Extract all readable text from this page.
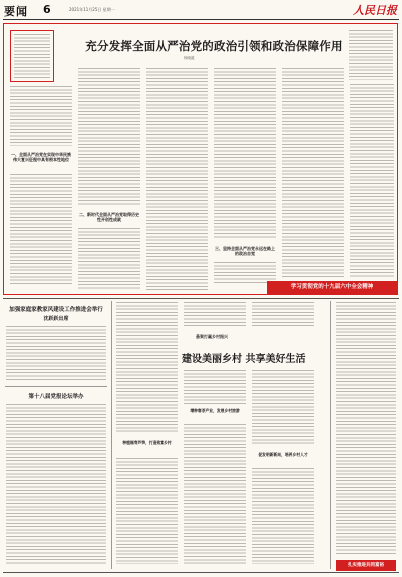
要闻 6	2021年11月25日 星期一	人民日报
充分发挥全面从严治党的政治引领和政治保障作用
杨晓渡
一、全面从严治党在实现中华民族伟大复兴征程中具有根本性地位
二、新时代全面从严治党取得历史性开创性成就
三、坚持全面从严治党永远在路上的政治自觉
学习贯彻党的十九届六中全会精神
加强家庭家教家风建设工作推进会举行
沈跃跃出席
第十八届党报论坛举办
种植福寿芦笋，打造致富乡村
悬案打赢乡村振兴
建设美丽乡村 共享美好生活
增种春茶产业，发展乡村旅游
促发明新新局，培养乡村人才
扎实推进共同富裕
